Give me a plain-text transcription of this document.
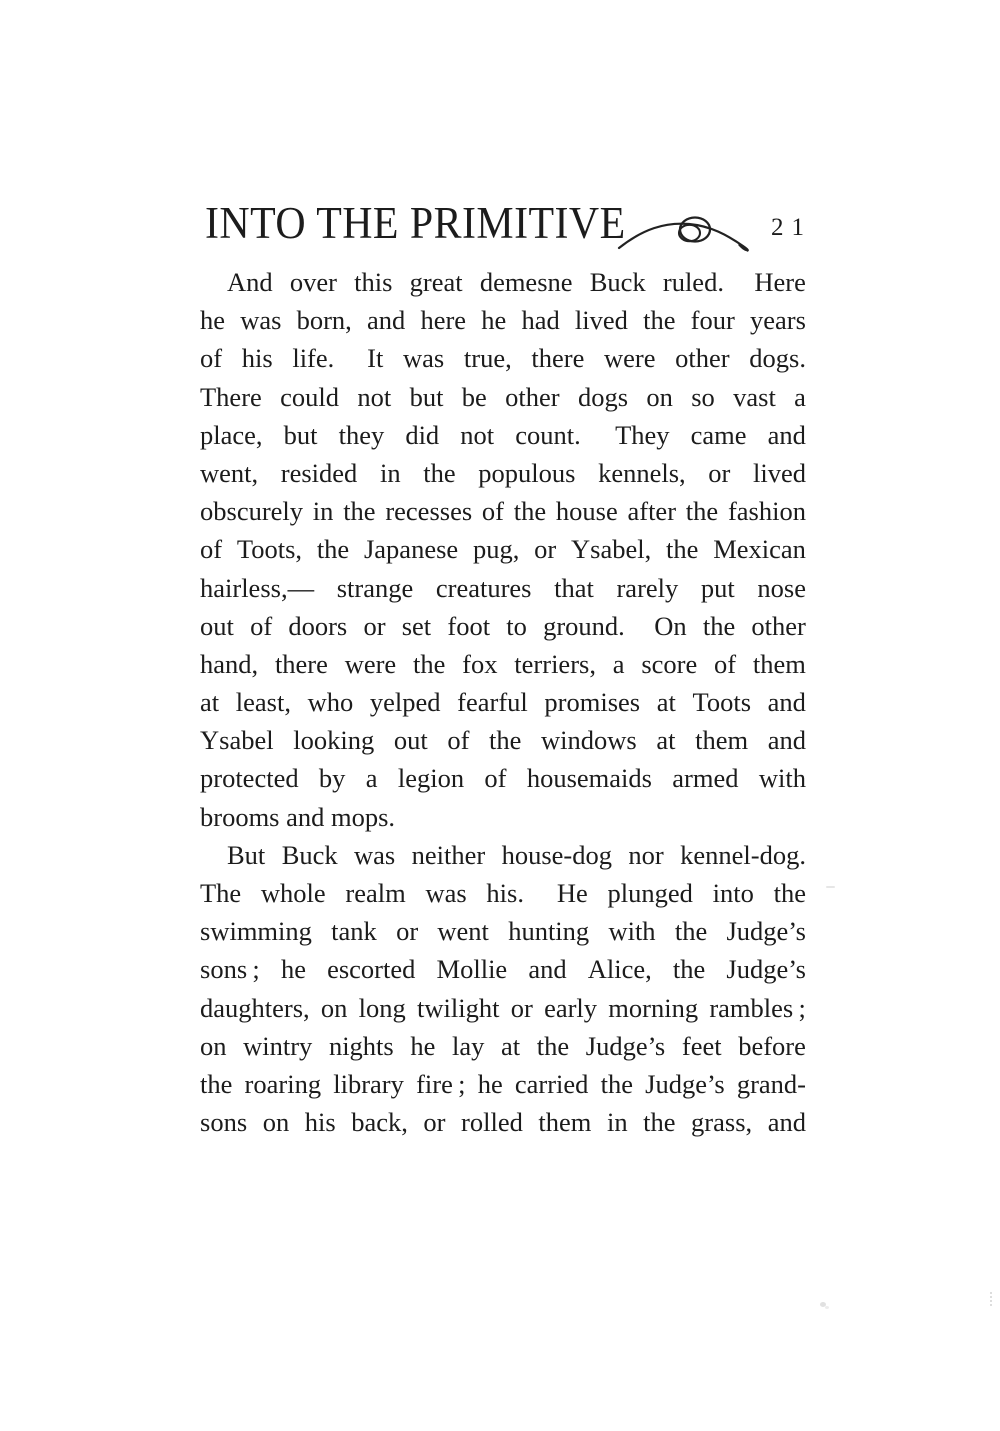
INTO THE PRIMITIVE	21
And over this great demesne Buck ruled.  Here
he was born, and here he had lived the four years
of his life.  It was true, there were other dogs.
There could not but be other dogs on so vast a
place, but they did not count.  They came and
went, resided in the populous kennels, or lived
obscurely in the recesses of the house after the fashion
of Toots, the Japanese pug, or Ysabel, the Mexican
hairless,— strange creatures that rarely put nose
out of doors or set foot to ground.  On the other
hand, there were the fox terriers, a score of them
at least, who yelped fearful promises at Toots and
Ysabel looking out of the windows at them and
protected by a legion of housemaids armed with
brooms and mops.
But Buck was neither house-dog nor kennel-dog.
The whole realm was his.  He plunged into the
swimming tank or went hunting with the Judge’s
sons ; he escorted Mollie and Alice, the Judge’s
daughters, on long twilight or early morning rambles ;
on wintry nights he lay at the Judge’s feet before
the roaring library fire ; he carried the Judge’s grand-
sons on his back, or rolled them in the grass, and
